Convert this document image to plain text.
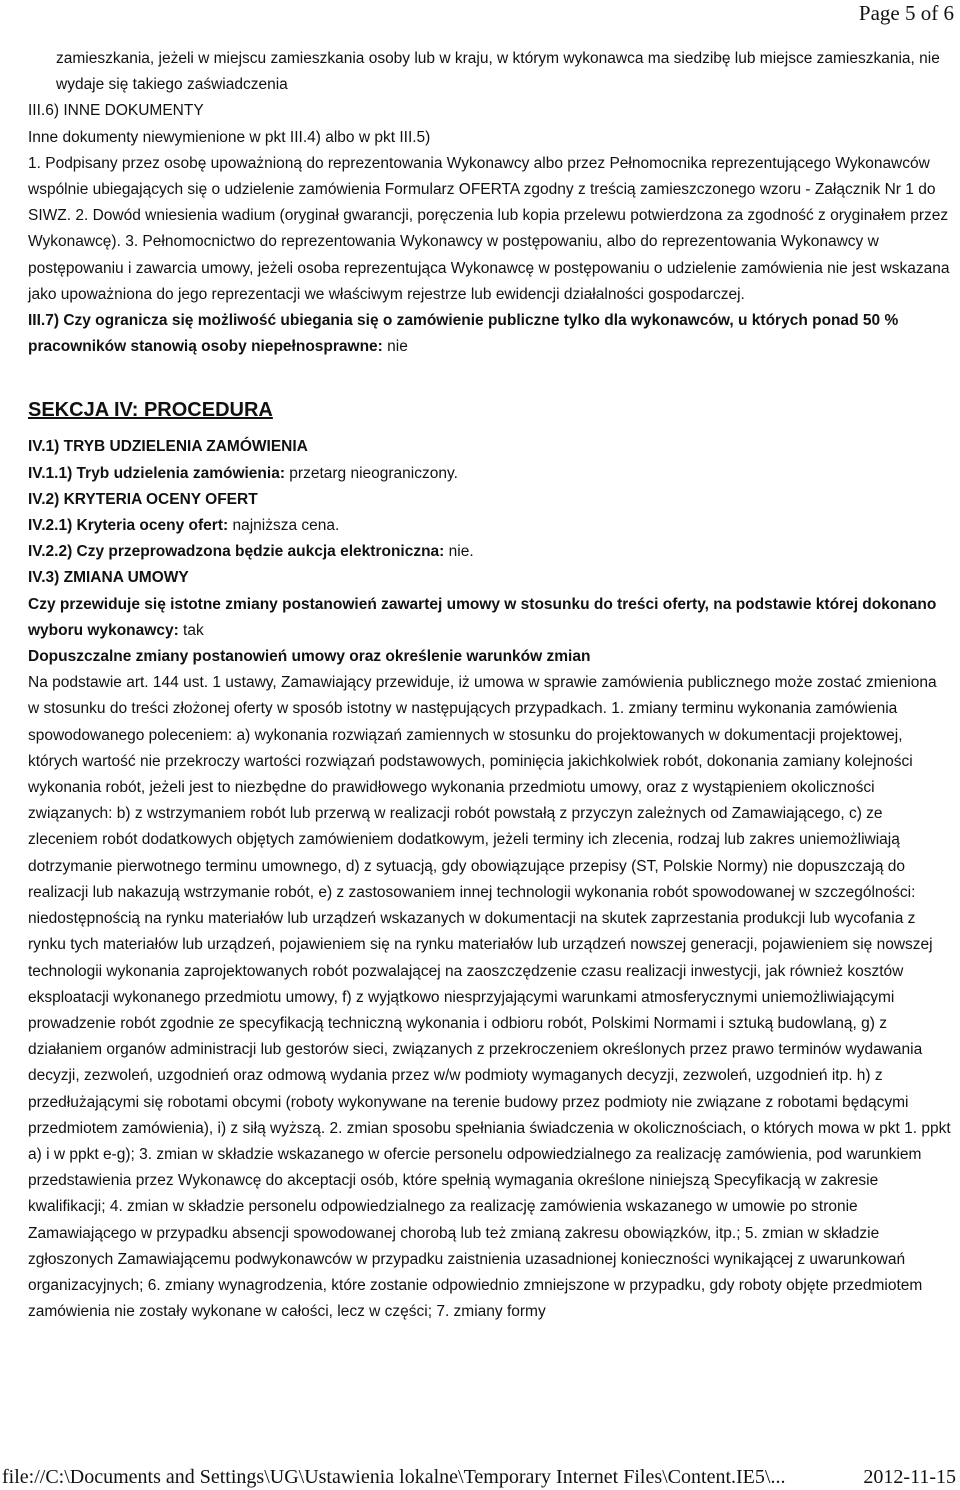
Page 5 of 6

zamieszkania, jeżeli w miejscu zamieszkania osoby lub w kraju, w którym wykonawca ma siedzibę lub miejsce zamieszkania, nie wydaje się takiego zaświadczenia

III.6) INNE DOKUMENTY

Inne dokumenty niewymienione w pkt III.4) albo w pkt III.5)

1. Podpisany przez osobę upoważnioną do reprezentowania Wykonawcy albo przez Pełnomocnika reprezentującego Wykonawców wspólnie ubiegających się o udzielenie zamówienia Formularz OFERTA zgodny z treścią zamieszczonego wzoru - Załącznik Nr 1 do SIWZ. 2. Dowód wniesienia wadium (oryginał gwarancji, poręczenia lub kopia przelewu potwierdzona za zgodność z oryginałem przez Wykonawcę). 3. Pełnomocnictwo do reprezentowania Wykonawcy w postępowaniu, albo do reprezentowania Wykonawcy w postępowaniu i zawarcia umowy, jeżeli osoba reprezentująca Wykonawcę w postępowaniu o udzielenie zamówienia nie jest wskazana jako upoważniona do jego reprezentacji we właściwym rejestrze lub ewidencji działalności gospodarczej.

III.7) Czy ogranicza się możliwość ubiegania się o zamówienie publiczne tylko dla wykonawców, u których ponad 50 % pracowników stanowią osoby niepełnosprawne: nie

SEKCJA IV: PROCEDURA

IV.1) TRYB UDZIELENIA ZAMÓWIENIA

IV.1.1) Tryb udzielenia zamówienia: przetarg nieograniczony.

IV.2) KRYTERIA OCENY OFERT

IV.2.1) Kryteria oceny ofert: najniższa cena.

IV.2.2) Czy przeprowadzona będzie aukcja elektroniczna: nie.

IV.3) ZMIANA UMOWY

Czy przewiduje się istotne zmiany postanowień zawartej umowy w stosunku do treści oferty, na podstawie której dokonano wyboru wykonawcy: tak

Dopuszczalne zmiany postanowień umowy oraz określenie warunków zmian

Na podstawie art. 144 ust. 1 ustawy, Zamawiający przewiduje, iż umowa w sprawie zamówienia publicznego może zostać zmieniona w stosunku do treści złożonej oferty w sposób istotny w następujących przypadkach. 1. zmiany terminu wykonania zamówienia spowodowanego poleceniem: a) wykonania rozwiązań zamiennych w stosunku do projektowanych w dokumentacji projektowej, których wartość nie przekroczy wartości rozwiązań podstawowych, pominięcia jakichkolwiek robót, dokonania zamiany kolejności wykonania robót, jeżeli jest to niezbędne do prawidłowego wykonania przedmiotu umowy, oraz z wystąpieniem okoliczności związanych: b) z wstrzymaniem robót lub przerwą w realizacji robót powstałą z przyczyn zależnych od Zamawiającego, c) ze zleceniem robót dodatkowych objętych zamówieniem dodatkowym, jeżeli terminy ich zlecenia, rodzaj lub zakres uniemożliwiają dotrzymanie pierwotnego terminu umownego, d) z sytuacją, gdy obowiązujące przepisy (ST, Polskie Normy) nie dopuszczają do realizacji lub nakazują wstrzymanie robót, e) z zastosowaniem innej technologii wykonania robót spowodowanej w szczególności: niedostępnością na rynku materiałów lub urządzeń wskazanych w dokumentacji na skutek zaprzestania produkcji lub wycofania z rynku tych materiałów lub urządzeń, pojawieniem się na rynku materiałów lub urządzeń nowszej generacji, pojawieniem się nowszej technologii wykonania zaprojektowanych robót pozwalającej na zaoszczędzenie czasu realizacji inwestycji, jak również kosztów eksploatacji wykonanego przedmiotu umowy, f) z wyjątkowo niesprzyjającymi warunkami atmosferycznymi uniemożliwiającymi prowadzenie robót zgodnie ze specyfikacją techniczną wykonania i odbioru robót, Polskimi Normami i sztuką budowlaną, g) z działaniem organów administracji lub gestorów sieci, związanych z przekroczeniem określonych przez prawo terminów wydawania decyzji, zezwoleń, uzgodnień oraz odmową wydania przez w/w podmioty wymaganych decyzji, zezwoleń, uzgodnień itp. h) z przedłużającymi się robotami obcymi (roboty wykonywane na terenie budowy przez podmioty nie związane z robotami będącymi przedmiotem zamówienia), i) z siłą wyższą. 2. zmian sposobu spełniania świadczenia w okolicznościach, o których mowa w pkt 1. ppkt a) i w ppkt e-g); 3. zmian w składzie wskazanego w ofercie personelu odpowiedzialnego za realizację zamówienia, pod warunkiem przedstawienia przez Wykonawcę do akceptacji osób, które spełnią wymagania określone niniejszą Specyfikacją w zakresie kwalifikacji; 4. zmian w składzie personelu odpowiedzialnego za realizację zamówienia wskazanego w umowie po stronie Zamawiającego w przypadku absencji spowodowanej chorobą lub też zmianą zakresu obowiązków, itp.; 5. zmian w składzie zgłoszonych Zamawiającemu podwykonawców w przypadku zaistnienia uzasadnionej konieczności wynikającej z uwarunkowań organizacyjnych; 6. zmiany wynagrodzenia, które zostanie odpowiednio zmniejszone w przypadku, gdy roboty objęte przedmiotem zamówienia nie zostały wykonane w całości, lecz w części; 7. zmiany formy

file://C:\Documents and Settings\UG\Ustawienia lokalne\Temporary Internet Files\Content.IE5\...	2012-11-15
